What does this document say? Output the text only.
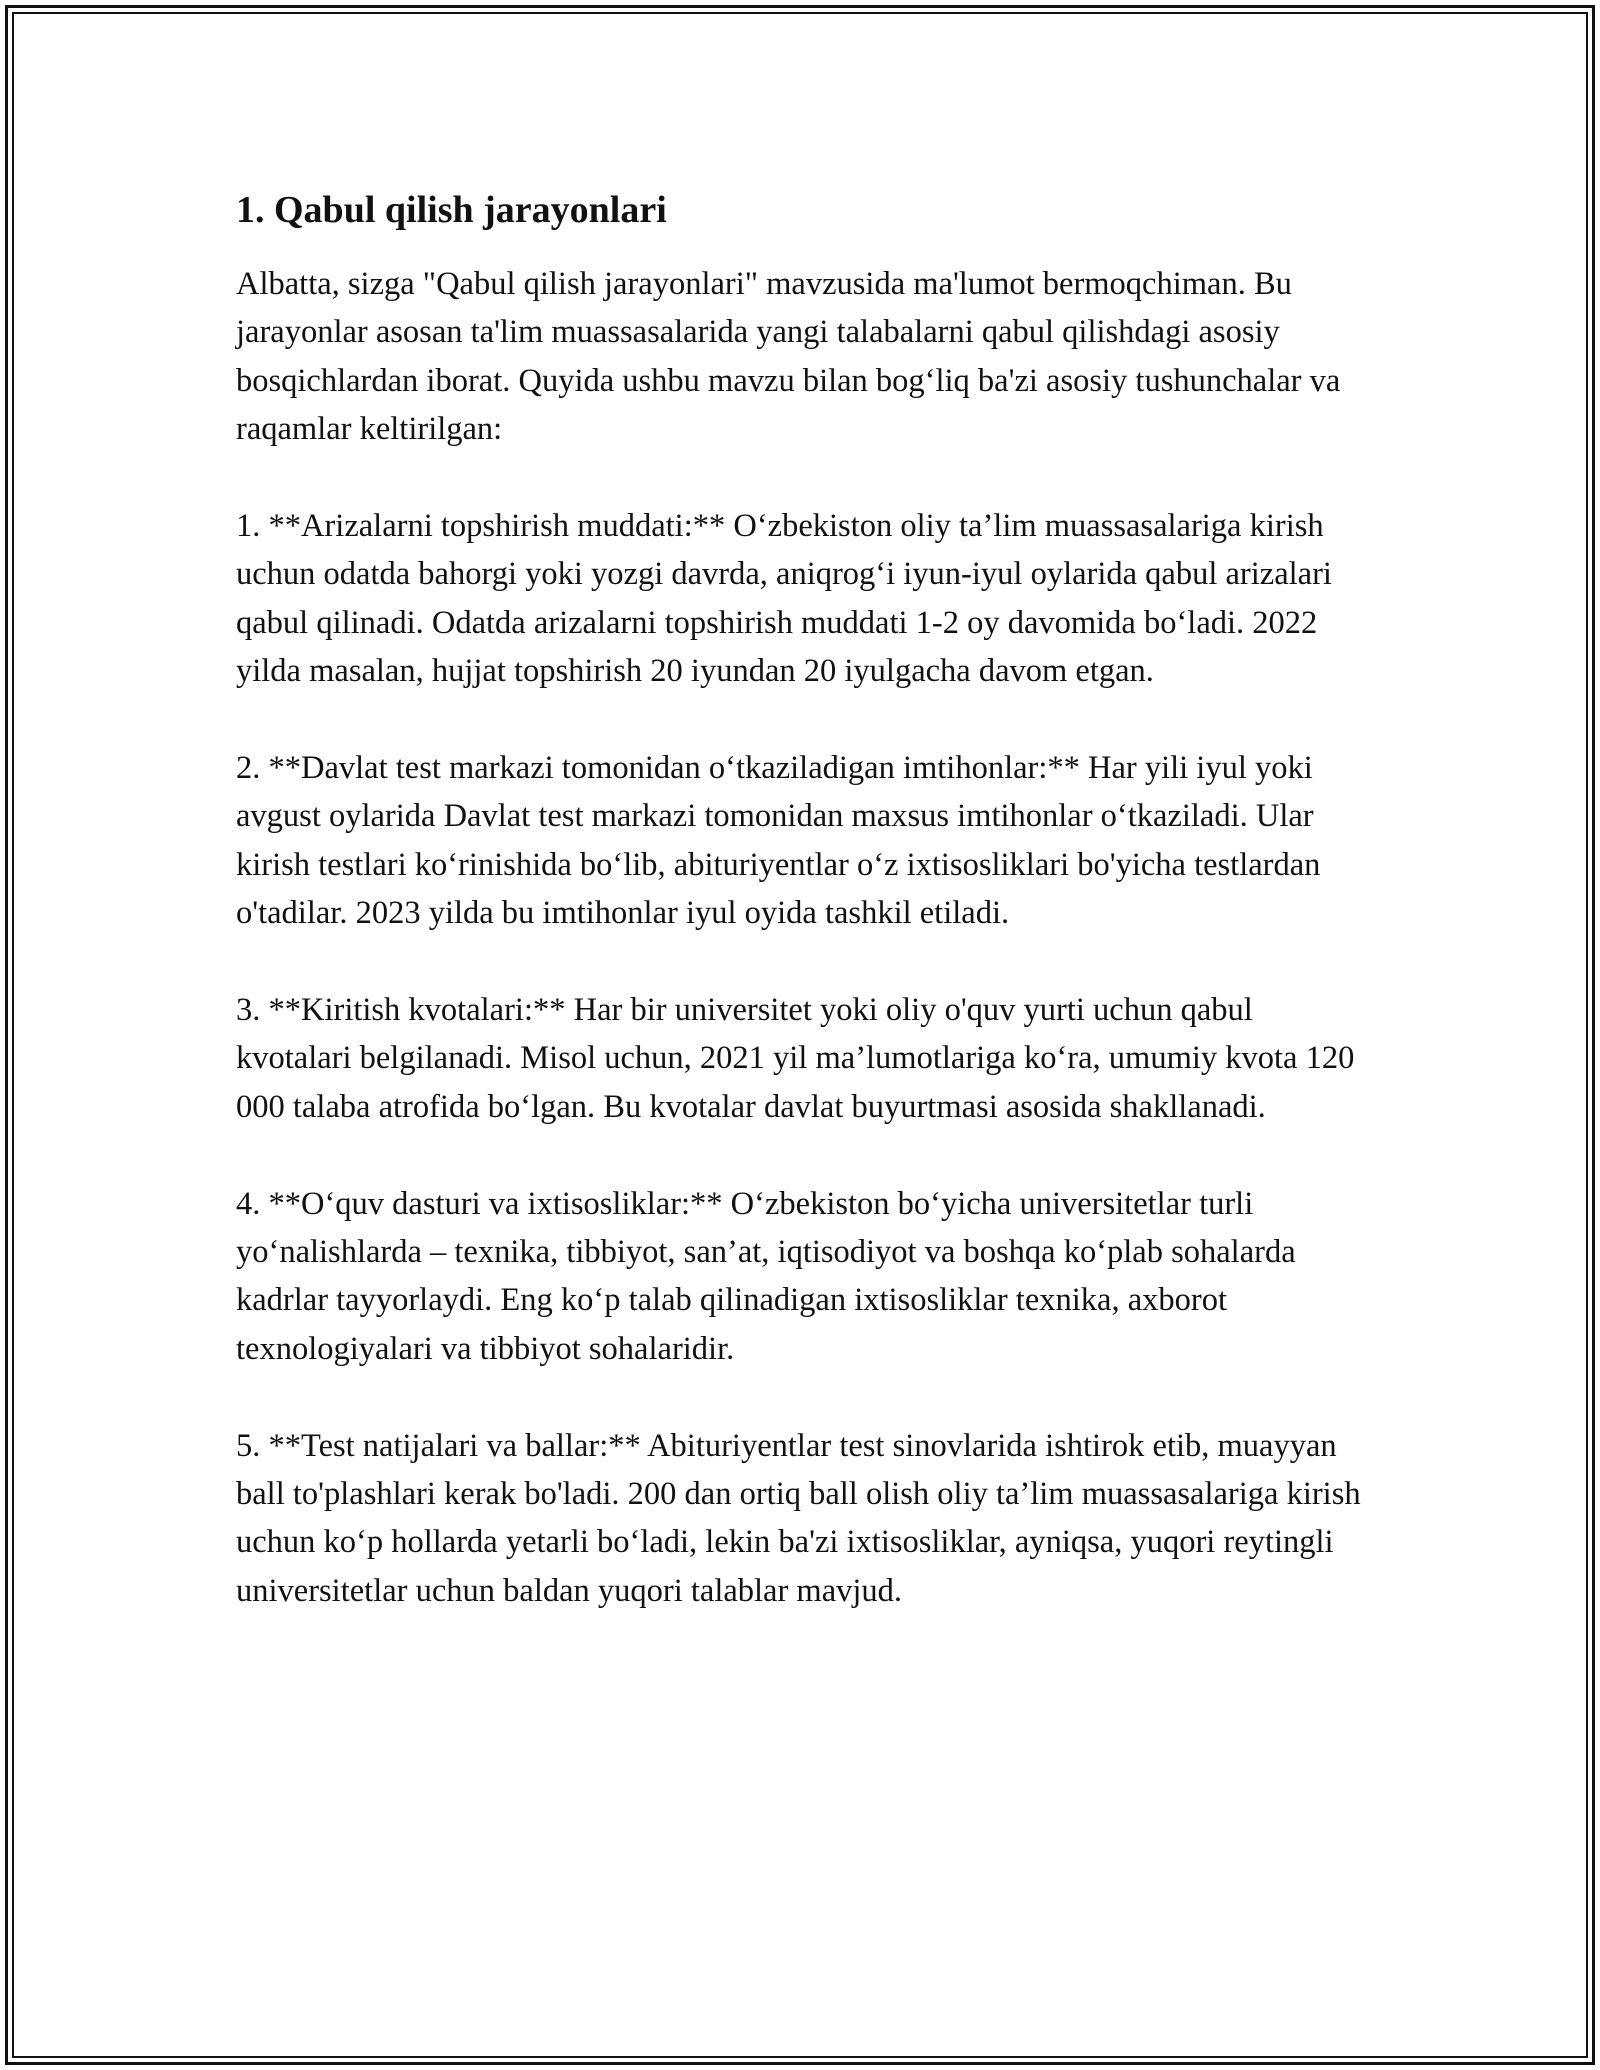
1. Qabul qilish jarayonlari

Albatta, sizga "Qabul qilish jarayonlari" mavzusida ma'lumot bermoqchiman. Bu jarayonlar asosan ta'lim muassasalarida yangi talabalarni qabul qilishdagi asosiy bosqichlardan iborat. Quyida ushbu mavzu bilan bog‘liq ba'zi asosiy tushunchalar va raqamlar keltirilgan:

1. **Arizalarni topshirish muddati:** O‘zbekiston oliy ta’lim muassasalariga kirish uchun odatda bahorgi yoki yozgi davrda, aniqrog‘i iyun-iyul oylarida qabul arizalari qabul qilinadi. Odatda arizalarni topshirish muddati 1-2 oy davomida bo‘ladi. 2022 yilda masalan, hujjat topshirish 20 iyundan 20 iyulgacha davom etgan.

2. **Davlat test markazi tomonidan o‘tkaziladigan imtihonlar:** Har yili iyul yoki avgust oylarida Davlat test markazi tomonidan maxsus imtihonlar o‘tkaziladi. Ular kirish testlari ko‘rinishida bo‘lib, abituriyentlar o‘z ixtisosliklari bo'yicha testlardan o'tadilar. 2023 yilda bu imtihonlar iyul oyida tashkil etiladi.

3. **Kiritish kvotalari:** Har bir universitet yoki oliy o'quv yurti uchun qabul kvotalari belgilanadi. Misol uchun, 2021 yil ma’lumotlariga ko‘ra, umumiy kvota 120 000 talaba atrofida bo‘lgan. Bu kvotalar davlat buyurtmasi asosida shakllanadi.

4. **O‘quv dasturi va ixtisosliklar:** O‘zbekiston bo‘yicha universitetlar turli yo‘nalishlarda – texnika, tibbiyot, san’at, iqtisodiyot va boshqa ko‘plab sohalarda kadrlar tayyorlaydi. Eng ko‘p talab qilinadigan ixtisosliklar texnika, axborot texnologiyalari va tibbiyot sohalaridir.

5. **Test natijalari va ballar:** Abituriyentlar test sinovlarida ishtirok etib, muayyan ball to'plashlari kerak bo'ladi. 200 dan ortiq ball olish oliy ta’lim muassasalariga kirish uchun ko‘p hollarda yetarli bo‘ladi, lekin ba'zi ixtisosliklar, ayniqsa, yuqori reytingli universitetlar uchun baldan yuqori talablar mavjud.
